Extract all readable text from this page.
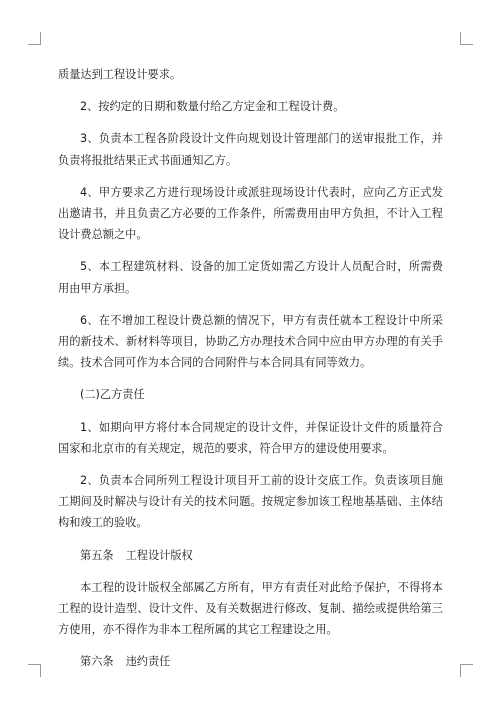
质量达到工程设计要求。

2、按约定的日期和数量付给乙方定金和工程设计费。

3、负责本工程各阶段设计文件向规划设计管理部门的送审报批工作，并负责将报批结果正式书面通知乙方。

4、甲方要求乙方进行现场设计或派驻现场设计代表时，应向乙方正式发出邀请书，并且负责乙方必要的工作条件，所需费用由甲方负担，不计入工程设计费总额之中。

5、本工程建筑材料、设备的加工定货如需乙方设计人员配合时，所需费用由甲方承担。

6、在不增加工程设计费总额的情况下，甲方有责任就本工程设计中所采用的新技术、新材料等项目，协助乙方办理技术合同中应由甲方办理的有关手续。技术合同可作为本合同的合同附件与本合同具有同等效力。

(二)乙方责任

1、如期向甲方将付本合同规定的设计文件，并保证设计文件的质量符合国家和北京市的有关规定，规范的要求，符合甲方的建设使用要求。

2、负责本合同所列工程设计项目开工前的设计交底工作。负责该项目施工期间及时解决与设计有关的技术问题。按规定参加该工程地基基础、主体结构和竣工的验收。

第五条 工程设计版权

本工程的设计版权全部属乙方所有，甲方有责任对此给予保护，不得将本工程的设计造型、设计文件、及有关数据进行修改、复制、描绘或提供给第三方使用，亦不得作为非本工程所属的其它工程建设之用。

第六条 违约责任
